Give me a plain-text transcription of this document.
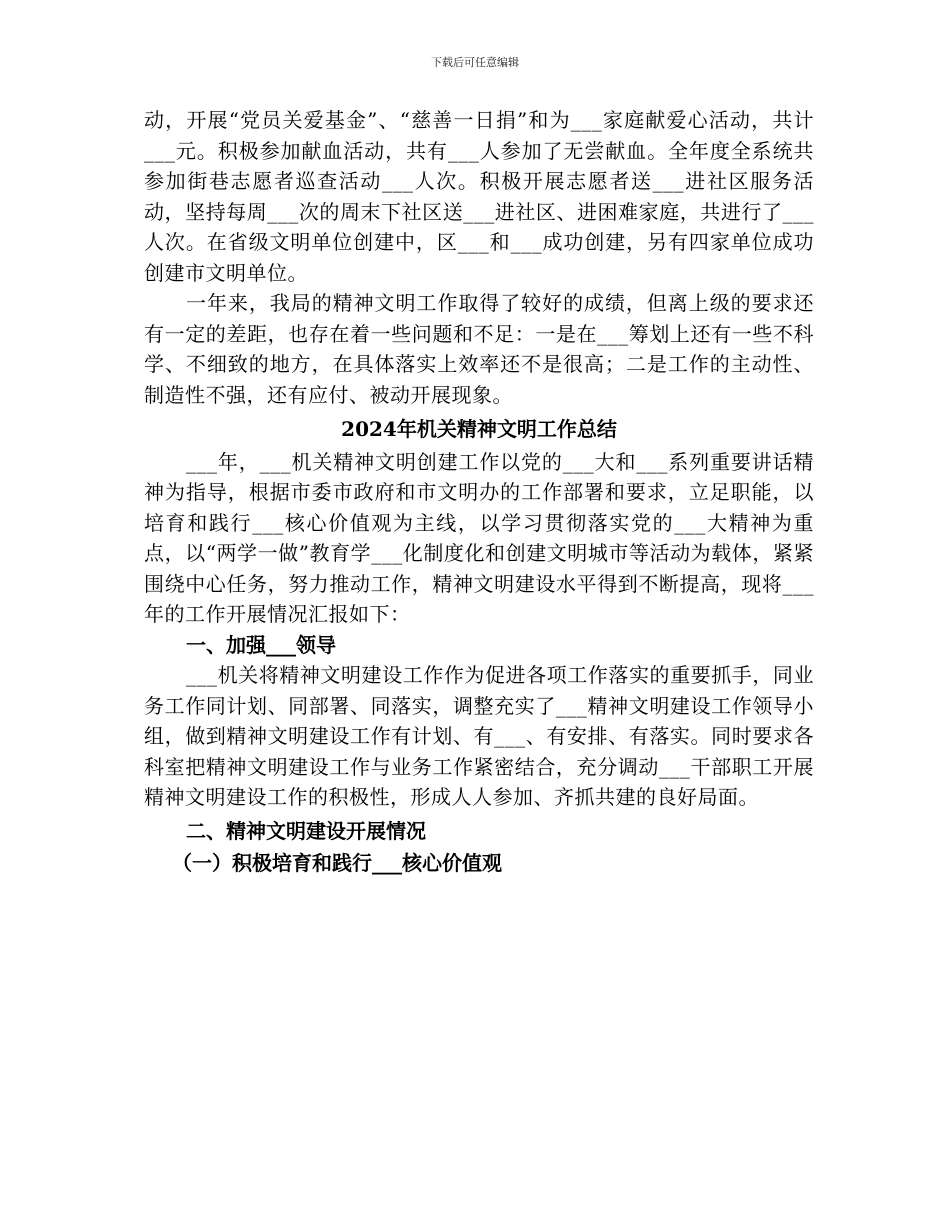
下载后可任意编辑

动，开展“党员关爱基金”、“慈善一日捐”和为___家庭献爱心活动，共计___元。积极参加献血活动，共有___人参加了无尝献血。全年度全系统共参加街巷志愿者巡查活动___人次。积极开展志愿者送___进社区服务活动，坚持每周___次的周末下社区送___进社区、进困难家庭，共进行了___人次。在省级文明单位创建中，区___和___成功创建，另有四家单位成功创建市文明单位。

一年来，我局的精神文明工作取得了较好的成绩，但离上级的要求还有一定的差距，也存在着一些问题和不足：一是在___筹划上还有一些不科学、不细致的地方，在具体落实上效率还不是很高；二是工作的主动性、制造性不强，还有应付、被动开展现象。

2024年机关精神文明工作总结

___年，___机关精神文明创建工作以党的___大和___系列重要讲话精神为指导，根据市委市政府和市文明办的工作部署和要求，立足职能，以培育和践行___核心价值观为主线，以学习贯彻落实党的___大精神为重点，以“两学一做”教育学___化制度化和创建文明城市等活动为载体，紧紧围绕中心任务，努力推动工作，精神文明建设水平得到不断提高，现将___年的工作开展情况汇报如下：

一、加强___领导

___机关将精神文明建设工作作为促进各项工作落实的重要抓手，同业务工作同计划、同部署、同落实，调整充实了___精神文明建设工作领导小组，做到精神文明建设工作有计划、有___、有安排、有落实。同时要求各科室把精神文明建设工作与业务工作紧密结合，充分调动___干部职工开展精神文明建设工作的积极性，形成人人参加、齐抓共建的良好局面。

二、精神文明建设开展情况

（一）积极培育和践行___核心价值观
